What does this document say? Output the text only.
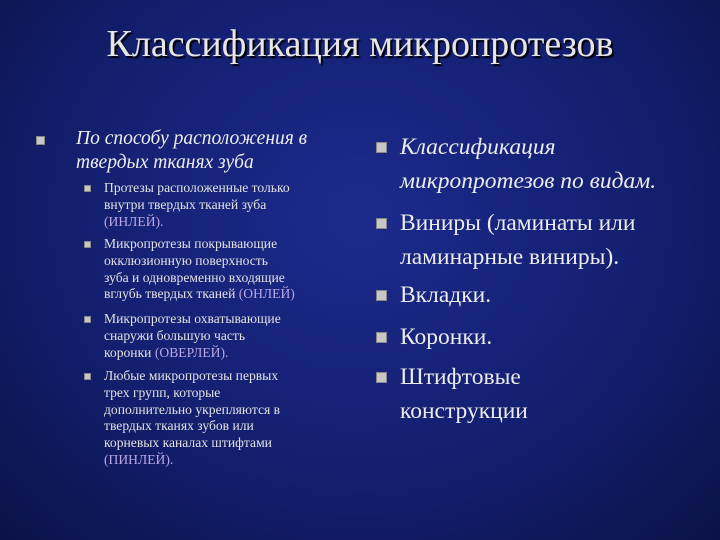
Классификация микропротезов
По способу расположения в
твердых тканях зуба
Протезы расположенные только
внутри твердых тканей зуба
(ИНЛЕЙ).
Микропротезы покрывающие
окклюзионную поверхность
зуба и одновременно входящие
вглубь твердых тканей (ОНЛЕЙ)
Микропротезы охватывающие
снаружи большую часть
коронки (ОВЕРЛЕЙ).
Любые микропротезы первых
трех групп, которые
дополнительно укрепляются в
твердых тканях зубов или
корневых каналах штифтами
(ПИНЛЕЙ).
Классификация
микропротезов по видам.
Виниры (ламинаты или
ламинарные виниры).
Вкладки.
Коронки.
Штифтовые
конструкции
